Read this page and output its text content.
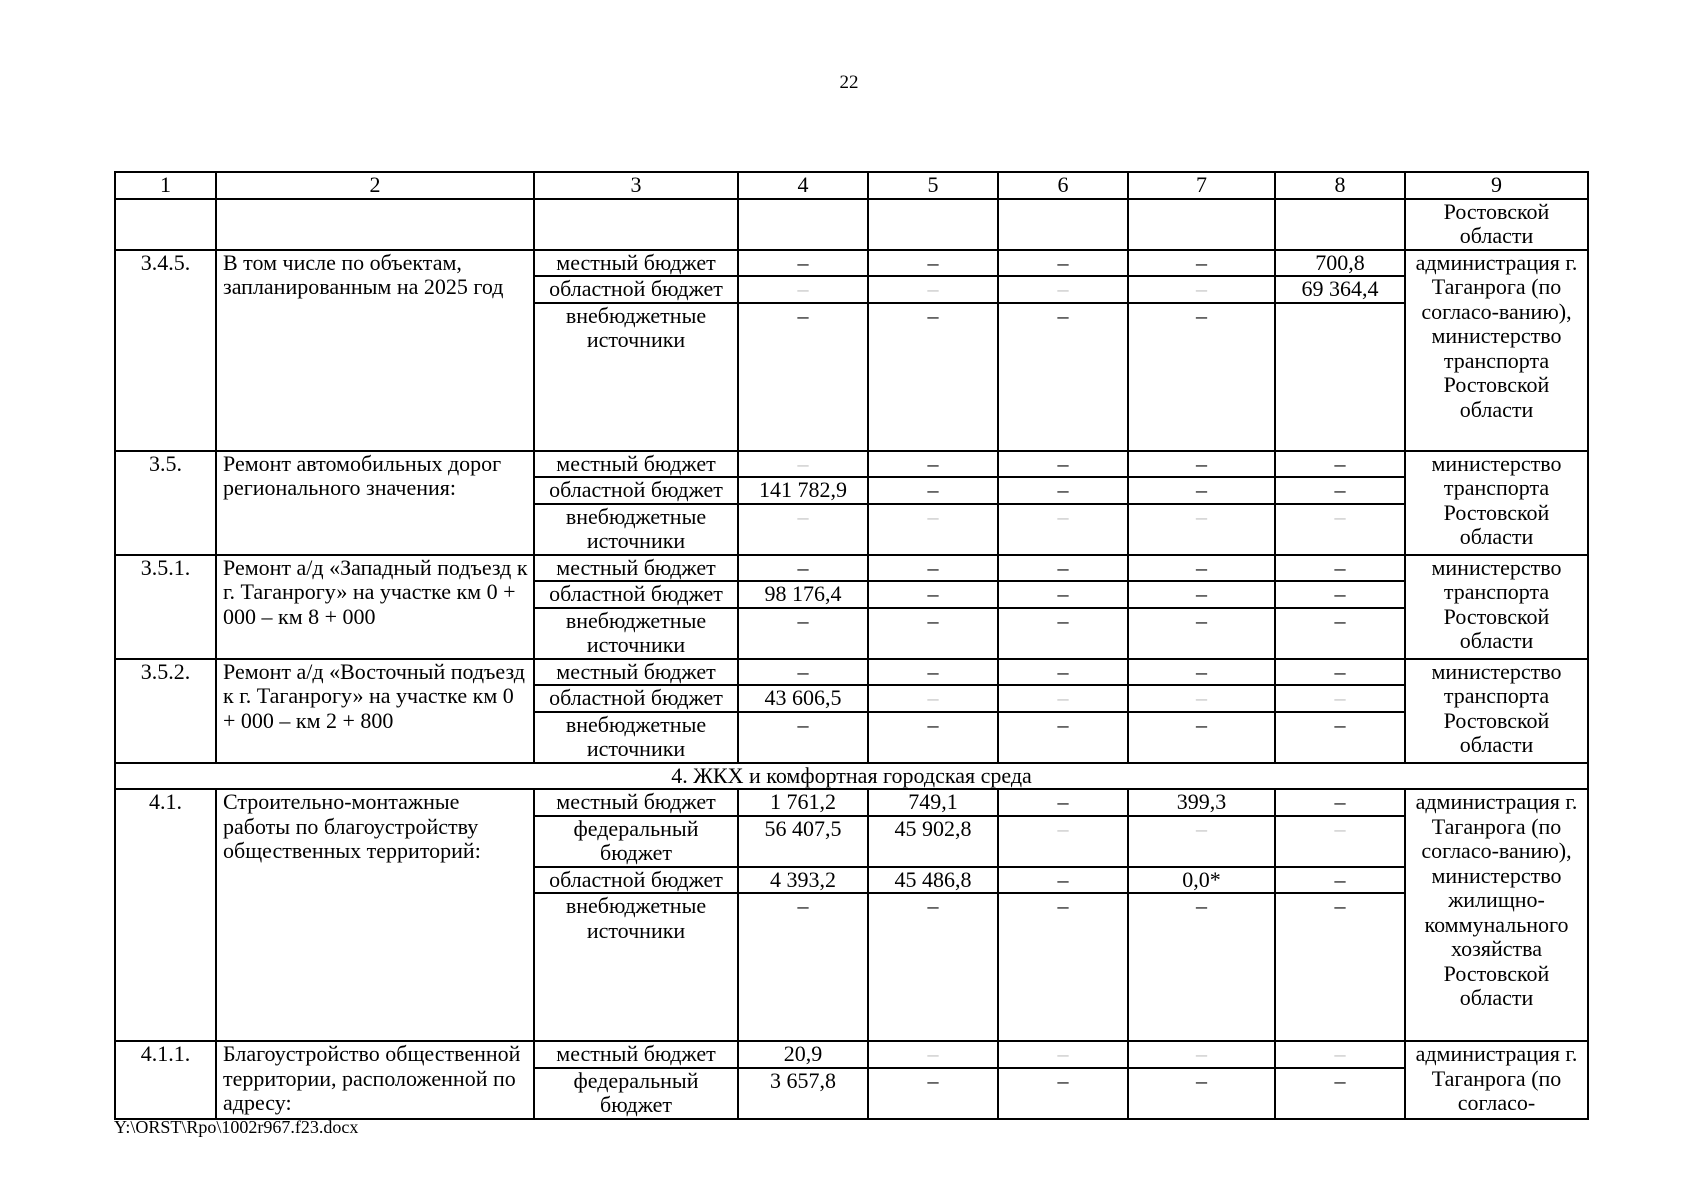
22
1	2	3	4	5	6	7	8	9
								Ростовской области
3.4.5.	В том числе по объектам, запланированным на 2025 год	местный бюджет	–	–	–	–	700,8	администрация г. Таганрога (по согласо-ванию), министерство транспорта Ростовской области
		областной бюджет	–	–	–	–	69 364,4	
		внебюджетные источники	–	–	–	–		
3.5.	Ремонт автомобильных дорог регионального значения:	местный бюджет	–	–	–	–	–	министерство транспорта Ростовской области
		областной бюджет	141 782,9	–	–	–	–	
		внебюджетные источники	–	–	–	–	–	
3.5.1.	Ремонт а/д «Западный подъезд к г. Таганрогу» на участке км 0 + 000 – км 8 + 000	местный бюджет	–	–	–	–	–	министерство транспорта Ростовской области
		областной бюджет	98 176,4	–	–	–	–	
		внебюджетные источники	–	–	–	–	–	
3.5.2.	Ремонт а/д «Восточный подъезд к г. Таганрогу» на участке км 0 + 000 – км 2 + 800	местный бюджет	–	–	–	–	–	министерство транспорта Ростовской области
		областной бюджет	43 606,5	–	–	–	–	
		внебюджетные источники	–	–	–	–	–	
4. ЖКХ и комфортная городская среда								
4.1.	Строительно-монтажные работы по благоустройству общественных территорий:	местный бюджет	1 761,2	749,1	–	399,3	–	администрация г. Таганрога (по согласо-ванию), министерство жилищно-коммунального хозяйства Ростовской области
		федеральный бюджет	56 407,5	45 902,8	–	–	–	
		областной бюджет	4 393,2	45 486,8	–	0,0*	–	
		внебюджетные источники	–	–	–	–	–	
4.1.1.	Благоустройство общественной территории, расположенной по адресу:	местный бюджет	20,9	–	–	–	–	администрация г. Таганрога (по согласо-
		федеральный бюджет	3 657,8	–	–	–	–	
Y:\ORST\Rpo\1002r967.f23.docx
